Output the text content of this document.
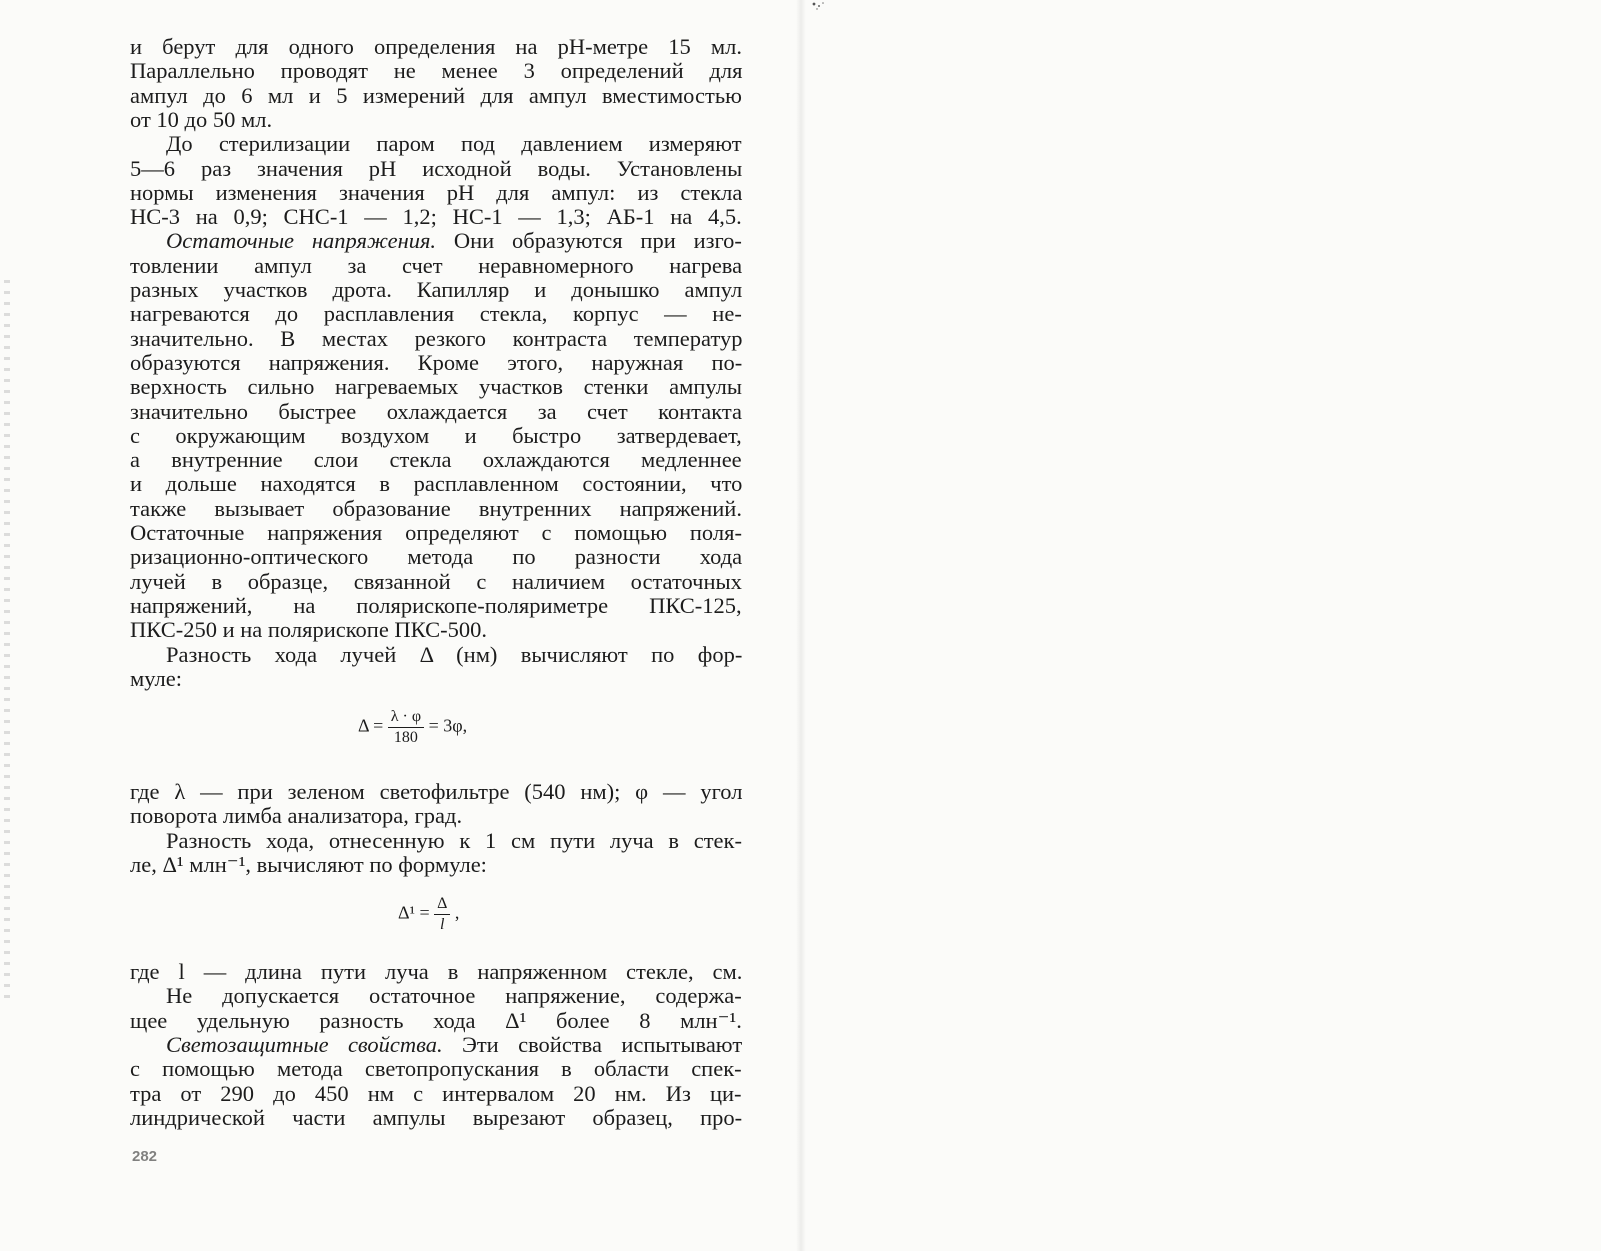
и берут для одного определения на рН-метре 15 мл.
Параллельно проводят не менее 3 определений для
ампул до 6 мл и 5 измерений для ампул вместимостью
от 10 до 50 мл.
До стерилизации паром под давлением измеряют
5—6 раз значения рН исходной воды. Установлены
нормы изменения значения рН для ампул: из стекла
НС-3 на 0,9; СНС-1 — 1,2; НС-1 — 1,3; АБ-1 на 4,5.
Остаточные напряжения. Они образуются при изго-
товлении ампул за счет неравномерного нагрева
разных участков дрота. Капилляр и донышко ампул
нагреваются до расплавления стекла, корпус — не-
значительно. В местах резкого контраста температур
образуются напряжения. Кроме этого, наружная по-
верхность сильно нагреваемых участков стенки ампулы
значительно быстрее охлаждается за счет контакта
с окружающим воздухом и быстро затвердевает,
а внутренние слои стекла охлаждаются медленнее
и дольше находятся в расплавленном состоянии, что
также вызывает образование внутренних напряжений.
Остаточные напряжения определяют с помощью поля-
ризационно-оптического метода по разности хода
лучей в образце, связанной с наличием остаточных
напряжений, на полярископе-поляриметре ПКС-125,
ПКС-250 и на полярископе ПКС-500.
Разность хода лучей Δ (нм) вычисляют по фор-
муле:
где λ — при зеленом светофильтре (540 нм); φ — угол
поворота лимба анализатора, град.
Разность хода, отнесенную к 1 см пути луча в стек-
ле, Δ¹ млн⁻¹, вычисляют по формуле:
где l — длина пути луча в напряженном стекле, см.
Не допускается остаточное напряжение, содержа-
щее удельную разность хода Δ¹ более 8 млн⁻¹.
Светозащитные свойства. Эти свойства испытывают
с помощью метода светопропускания в области спек-
тра от 290 до 450 нм с интервалом 20 нм. Из ци-
линдрической части ампулы вырезают образец, про-
$\Delta = \frac{\lambda \cdot \varphi}{180} = 3\varphi$,
$\Delta^1 = \frac{\Delta}{l}$ ,
282
